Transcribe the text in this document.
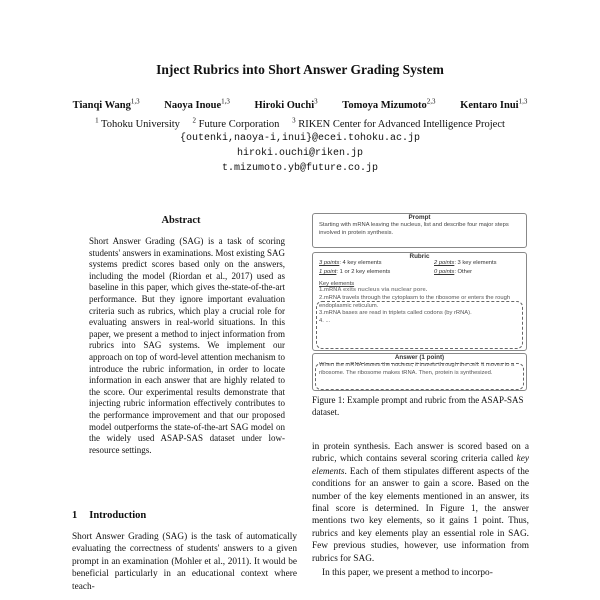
Inject Rubrics into Short Answer Grading System
Tianqi Wang$^{1,3}$ Naoya Inoue$^{1,3}$ Hiroki Ouchi$^3$ Tomoya Mizumoto$^{2,3}$ Kentaro Inui$^{1,3}$
$^1$ Tohoku University $^2$ Future Corporation $^3$ RIKEN Center for Advanced Intelligence Project
{outenki,naoya-i,inui}@ecei.tohoku.ac.jp
hiroki.ouchi@riken.jp
t.mizumoto.yb@future.co.jp
Abstract
Short Answer Grading (SAG) is a task of scoring students' answers in examinations. Most existing SAG systems predict scores based only on the answers, including the model (Riordan et al., 2017) used as baseline in this paper, which gives the-state-of-the-art performance. But they ignore important evaluation criteria such as rubrics, which play a crucial role for evaluating answers in real-world situations. In this paper, we present a method to inject information from rubrics into SAG systems. We implement our approach on top of word-level attention mechanism to introduce the rubric information, in order to locate information in each answer that are highly related to the score. Our experimental results demonstrate that injecting rubric information effectively contributes to the performance improvement and that our proposed model outperforms the state-of-the-art SAG model on the widely used ASAP-SAS dataset under low-resource settings.
1 Introduction
Short Answer Grading (SAG) is the task of automatically evaluating the correctness of students' answers to a given prompt in an examination (Mohler et al., 2011). It would be beneficial particularly in an educational context where teach-
Prompt
Starting with mRNA leaving the nucleus, list and describe four major steps involved in protein synthesis.
Rubric
3 points: 4 key elements	2 points: 3 key elements
1 point: 1 or 2 key elements	0 points: Other
Key elements
1.mRNA exits nucleus via nuclear pore.
2.mRNA travels through the cytoplasm to the ribosome or enters the rough endoplasmic reticulum.
3.mRNA bases are read in triplets called codons (by rRNA).
4. ...
Answer (1 point)
When the mRNA leaves the nucleus, it travels through the cell. It moves to a ribosome. The ribosome makes tRNA. Then, protein is synthesized.
Figure 1: Example prompt and rubric from the ASAP-SAS dataset.
in protein synthesis. Each answer is scored based on a rubric, which contains several scoring criteria called key elements. Each of them stipulates different aspects of the conditions for an answer to gain a score. Based on the number of the key elements mentioned in an answer, its final score is determined. In Figure 1, the answer mentions two key elements, so it gains 1 point. Thus, rubrics and key elements play an essential role in SAG. Few previous studies, however, use information from rubrics for SAG.
In this paper, we present a method to incorpo-
